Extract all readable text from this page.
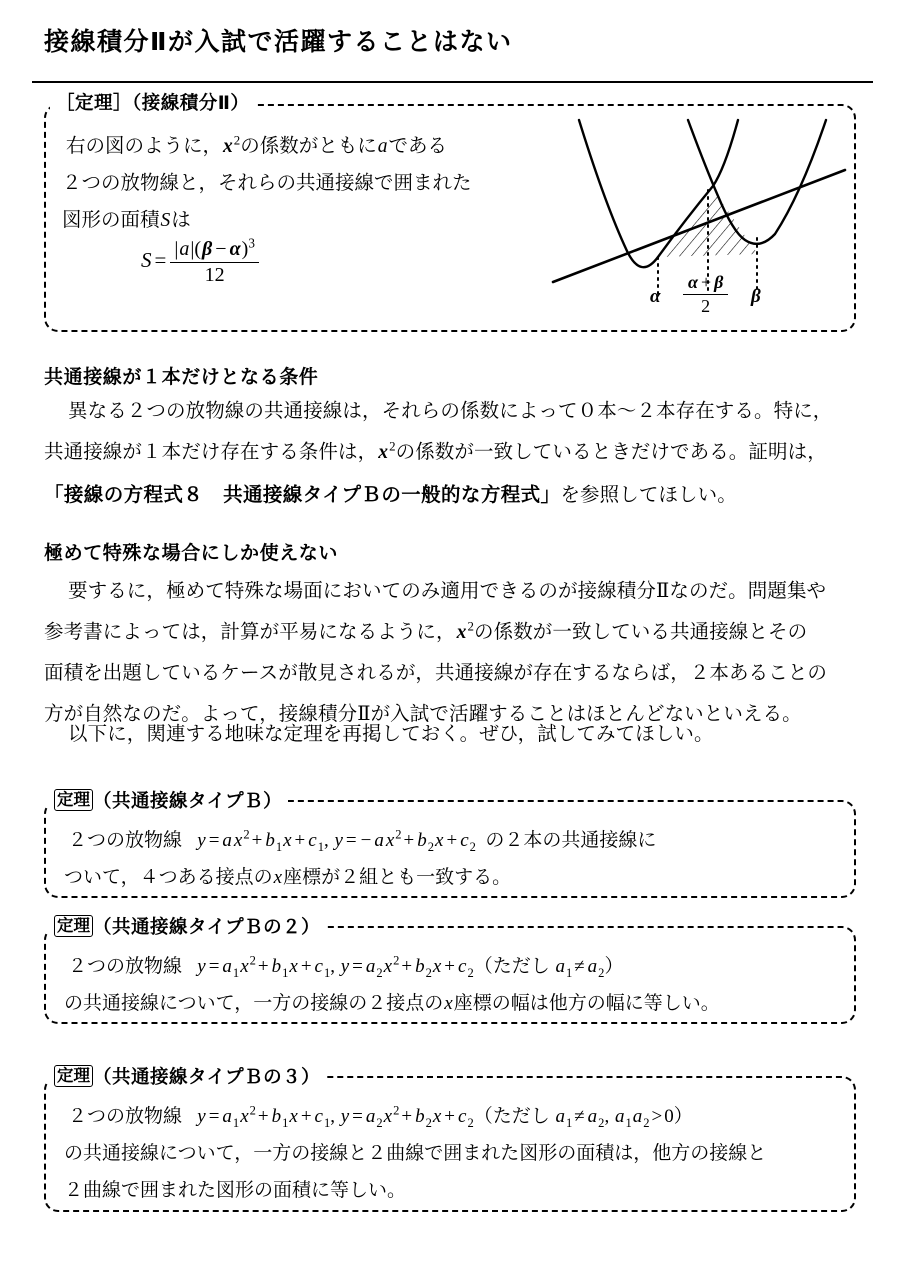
接線積分Ⅱが入試で活躍することはない
［定理］（接線積分Ⅱ）
右の図のように，$x^2$の係数がともにaである
２つの放物線と，それらの共通接線で囲まれた
図形の面積Sは
$S = \frac{|a|(\beta - \alpha)^3}{12}$
α $\frac{\alpha + \beta}{2}$ β
共通接線が１本だけとなる条件
異なる２つの放物線の共通接線は，それらの係数によって０本〜２本存在する。特に，
共通接線が１本だけ存在する条件は，$x^2$の係数が一致しているときだけである。証明は，
「接線の方程式８　共通接線タイプＢの一般的な方程式」を参照してほしい。
極めて特殊な場合にしか使えない
要するに，極めて特殊な場面においてのみ適用できるのが接線積分Ⅱなのだ。問題集や
参考書によっては，計算が平易になるように，$x^2$の係数が一致している共通接線とその
面積を出題しているケースが散見されるが，共通接線が存在するならば，２本あることの
方が自然なのだ。よって，接線積分Ⅱが入試で活躍することはほとんどないといえる。
以下に，関連する地味な定理を再掲しておく。ぜひ，試してみてほしい。
定理 （共通接線タイプＢ）
２つの放物線 y = a $x^2 + b_1x + c_1$, y = − a $x^2 + b_2x + c_2$ の２本の共通接線に
ついて，４つある接点のx座標が２組とも一致する。
定理 （共通接線タイプＢの２）
２つの放物線 $y = a_1x^2 + b_1x + c_1$, $y = a_2x^2 + b_2x + c_2$（ただし $a_1 \ne a_2$）
の共通接線について，一方の接線の２接点のx座標の幅は他方の幅に等しい。
定理 （共通接線タイプＢの３）
２つの放物線 $y = a_1x^2 + b_1x + c_1$, $y = a_2x^2 + b_2x + c_2$（ただし $a_1 \ne a_2$, $a_1a_2 > 0$）
の共通接線について，一方の接線と２曲線で囲まれた図形の面積は，他方の接線と
２曲線で囲まれた図形の面積に等しい。
